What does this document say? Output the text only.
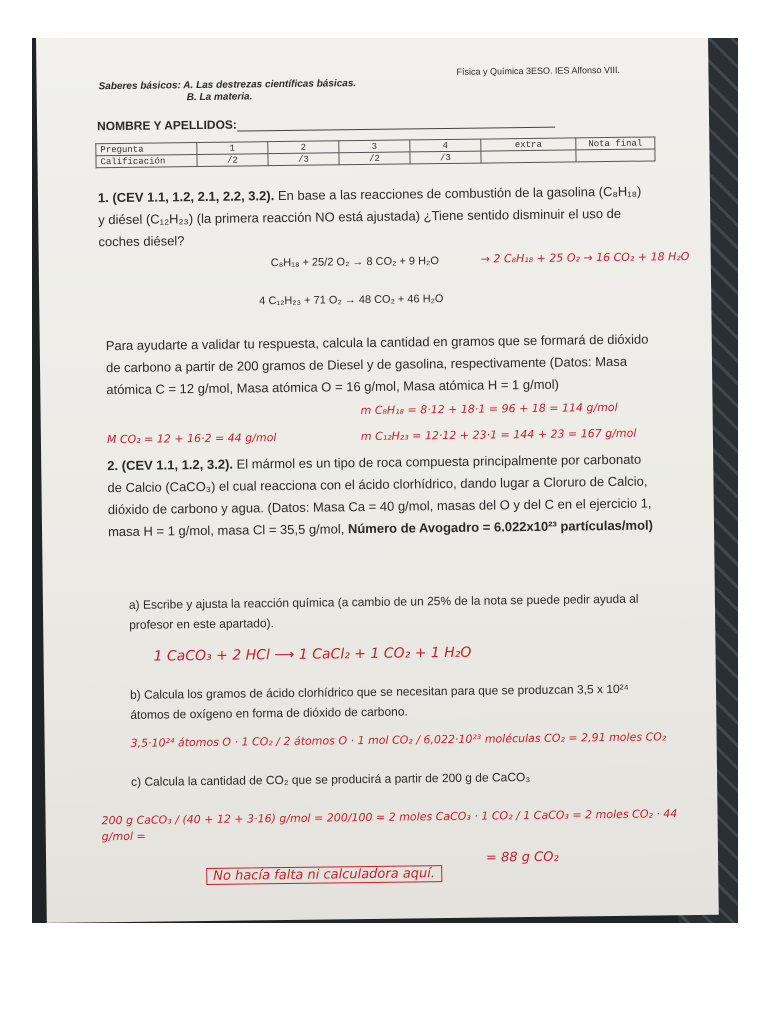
Saberes básicos: A. Las destrezas científicas básicas.
B. La materia.
Física y Química 3ESO. IES Alfonso VIII.
NOMBRE Y APELLIDOS:
Pregunta	1	2	3	4	extra	Nota final
Calificación	/2	/3	/2	/3		
1. (CEV 1.1, 1.2, 2.1, 2.2, 3.2). En base a las reacciones de combustión de la gasolina (C₈H₁₈) y diésel (C₁₂H₂₃) (la primera reacción NO está ajustada) ¿Tiene sentido disminuir el uso de coches diésel?
C₈H₁₈ + 25/2 O₂ → 8 CO₂ + 9 H₂O	→ 2 C₈H₁₈ + 25 O₂ → 16 CO₂ + 18 H₂O
4 C₁₂H₂₃ + 71 O₂ → 48 CO₂ + 46 H₂O
Para ayudarte a validar tu respuesta, calcula la cantidad en gramos que se formará de dióxido de carbono a partir de 200 gramos de Diesel y de gasolina, respectivamente (Datos: Masa atómica C = 12 g/mol, Masa atómica O = 16 g/mol, Masa atómica H = 1 g/mol)
m C₈H₁₈ = 8·12 + 18·1 = 96 + 18 = 114 g/mol
M CO₂ = 12 + 16·2 = 44 g/mol	m C₁₂H₂₃ = 12·12 + 23·1 = 144 + 23 = 167 g/mol
2. (CEV 1.1, 1.2, 3.2). El mármol es un tipo de roca compuesta principalmente por carbonato de Calcio (CaCO₃) el cual reacciona con el ácido clorhídrico, dando lugar a Cloruro de Calcio, dióxido de carbono y agua. (Datos: Masa Ca = 40 g/mol, masas del O y del C en el ejercicio 1, masa H = 1 g/mol, masa Cl = 35,5 g/mol, Número de Avogadro = 6.022x10²³ partículas/mol)
a) Escribe y ajusta la reacción química (a cambio de un 25% de la nota se puede pedir ayuda al profesor en este apartado).
1 CaCO₃ + 2 HCl ⟶ 1 CaCl₂ + 1 CO₂ + 1 H₂O
b) Calcula los gramos de ácido clorhídrico que se necesitan para que se produzcan 3,5 x 10²⁴ átomos de oxígeno en forma de dióxido de carbono.
3,5·10²⁴ átomos O · 1 CO₂ / 2 átomos O · 1 mol CO₂ / 6,022·10²³ moléculas CO₂ = 2,91 moles CO₂
c) Calcula la cantidad de CO₂ que se producirá a partir de 200 g de CaCO₃
200 g CaCO₃ / (40 + 12 + 3·16) g/mol = 200/100 = 2 moles CaCO₃ · 1 CO₂ / 1 CaCO₃ = 2 moles CO₂ · 44 g/mol =
= 88 g CO₂
No hacía falta ni calculadora aquí.
